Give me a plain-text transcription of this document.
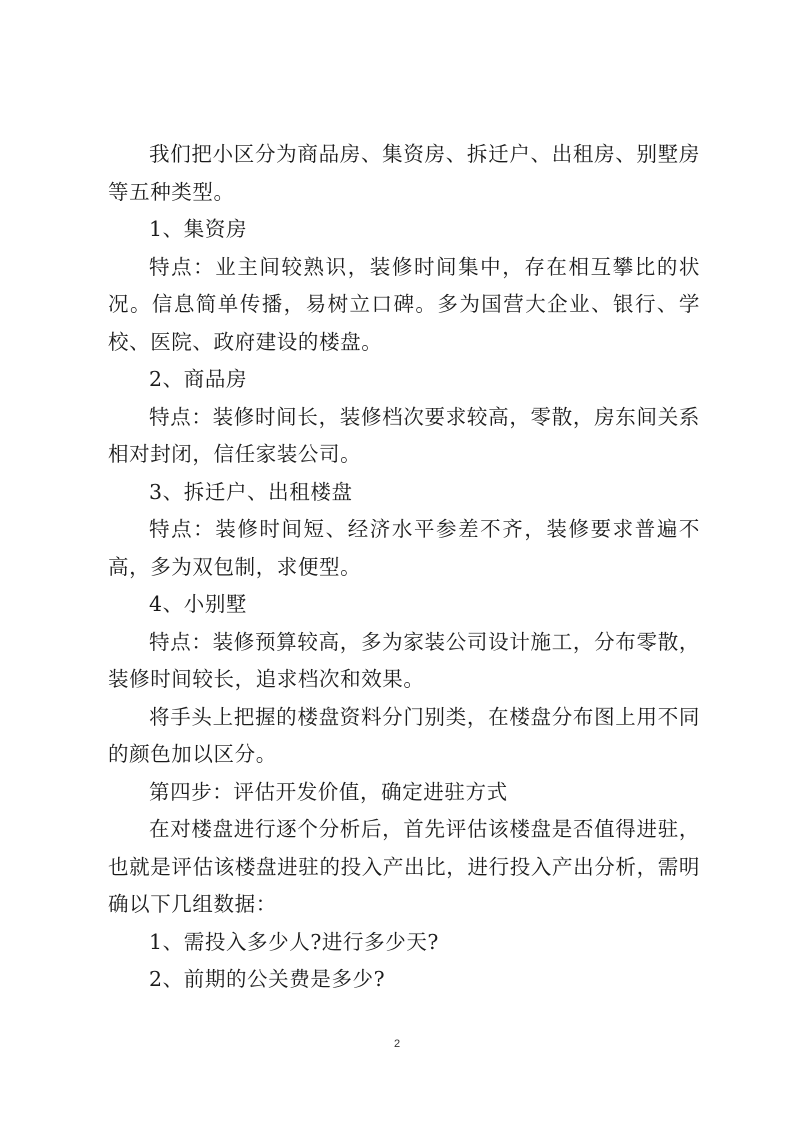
我们把小区分为商品房、集资房、拆迁户、出租房、别墅房等五种类型。

1、集资房

特点：业主间较熟识，装修时间集中，存在相互攀比的状况。信息简单传播，易树立口碑。多为国营大企业、银行、学校、医院、政府建设的楼盘。

2、商品房

特点：装修时间长，装修档次要求较高，零散，房东间关系相对封闭，信任家装公司。

3、拆迁户、出租楼盘

特点：装修时间短、经济水平参差不齐，装修要求普遍不高，多为双包制，求便型。

4、小别墅

特点：装修预算较高，多为家装公司设计施工，分布零散，装修时间较长，追求档次和效果。

将手头上把握的楼盘资料分门别类，在楼盘分布图上用不同的颜色加以区分。

第四步：评估开发价值，确定进驻方式

在对楼盘进行逐个分析后，首先评估该楼盘是否值得进驻，也就是评估该楼盘进驻的投入产出比，进行投入产出分析，需明确以下几组数据：

1、需投入多少人?进行多少天?

2、前期的公关费是多少?

2
